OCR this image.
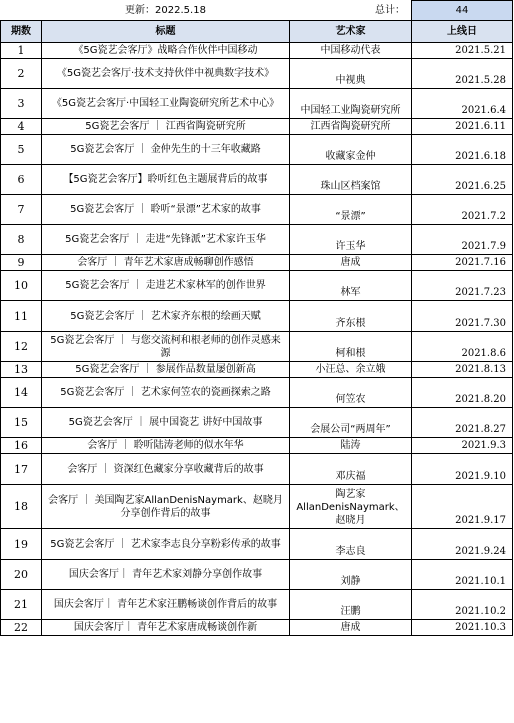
	更新：2022.5.18	总计：	44
期数	标题	艺术家	上线日
1	《5G瓷艺会客厅》战略合作伙伴中国移动	中国移动代表	2021.5.21
2	《5G瓷艺会客厅·技术支持伙伴中视典数字技术》	中视典	2021.5.28
3	《5G瓷艺会客厅·中国轻工业陶瓷研究所艺术中心》	中国轻工业陶瓷研究所	2021.6.4
4	5G瓷艺会客厅 ｜ 江西省陶瓷研究所	江西省陶瓷研究所	2021.6.11
5	5G瓷艺会客厅 ｜ 金仲先生的十三年收藏路	收藏家金仲	2021.6.18
6	【5G瓷艺会客厅】聆听红色主题展背后的故事	珠山区档案馆	2021.6.25
7	5G瓷艺会客厅 ｜ 聆听“景漂”艺术家的故事	“景漂”	2021.7.2
8	5G瓷艺会客厅 ｜ 走进“先锋派”艺术家许玉华	许玉华	2021.7.9
9	会客厅 ｜ 青年艺术家唐成畅聊创作感悟	唐成	2021.7.16
10	5G瓷艺会客厅 ｜ 走进艺术家林军的创作世界	林军	2021.7.23
11	5G瓷艺会客厅 ｜ 艺术家齐东根的绘画天赋	齐东根	2021.7.30
12	5G瓷艺会客厅 ｜ 与您交流柯和根老师的创作灵感来源	柯和根	2021.8.6
13	5G瓷艺会客厅 ｜ 参展作品数量屡创新高	小汪总、余立娥	2021.8.13
14	5G瓷艺会客厅 ｜ 艺术家何笠农的瓷画探索之路	何笠农	2021.8.20
15	5G瓷艺会客厅 ｜ 展中国瓷艺 讲好中国故事	会展公司“两周年”	2021.8.27
16	会客厅 ｜ 聆听陆涛老师的似水年华	陆涛	2021.9.3
17	会客厅 ｜ 资深红色藏家分享收藏背后的故事	邓庆福	2021.9.10
18	会客厅 ｜ 美国陶艺家AllanDenisNaymark、赵晓月分享创作背后的故事	陶艺家AllanDenisNaymark、赵晓月	2021.9.17
19	5G瓷艺会客厅 ｜ 艺术家李志良分享粉彩传承的故事	李志良	2021.9.24
20	国庆会客厅｜ 青年艺术家刘静分享创作故事	刘静	2021.10.1
21	国庆会客厅｜ 青年艺术家汪鹏畅谈创作背后的故事	汪鹏	2021.10.2
22	国庆会客厅｜ 青年艺术家唐成畅谈创作新	唐成	2021.10.3
